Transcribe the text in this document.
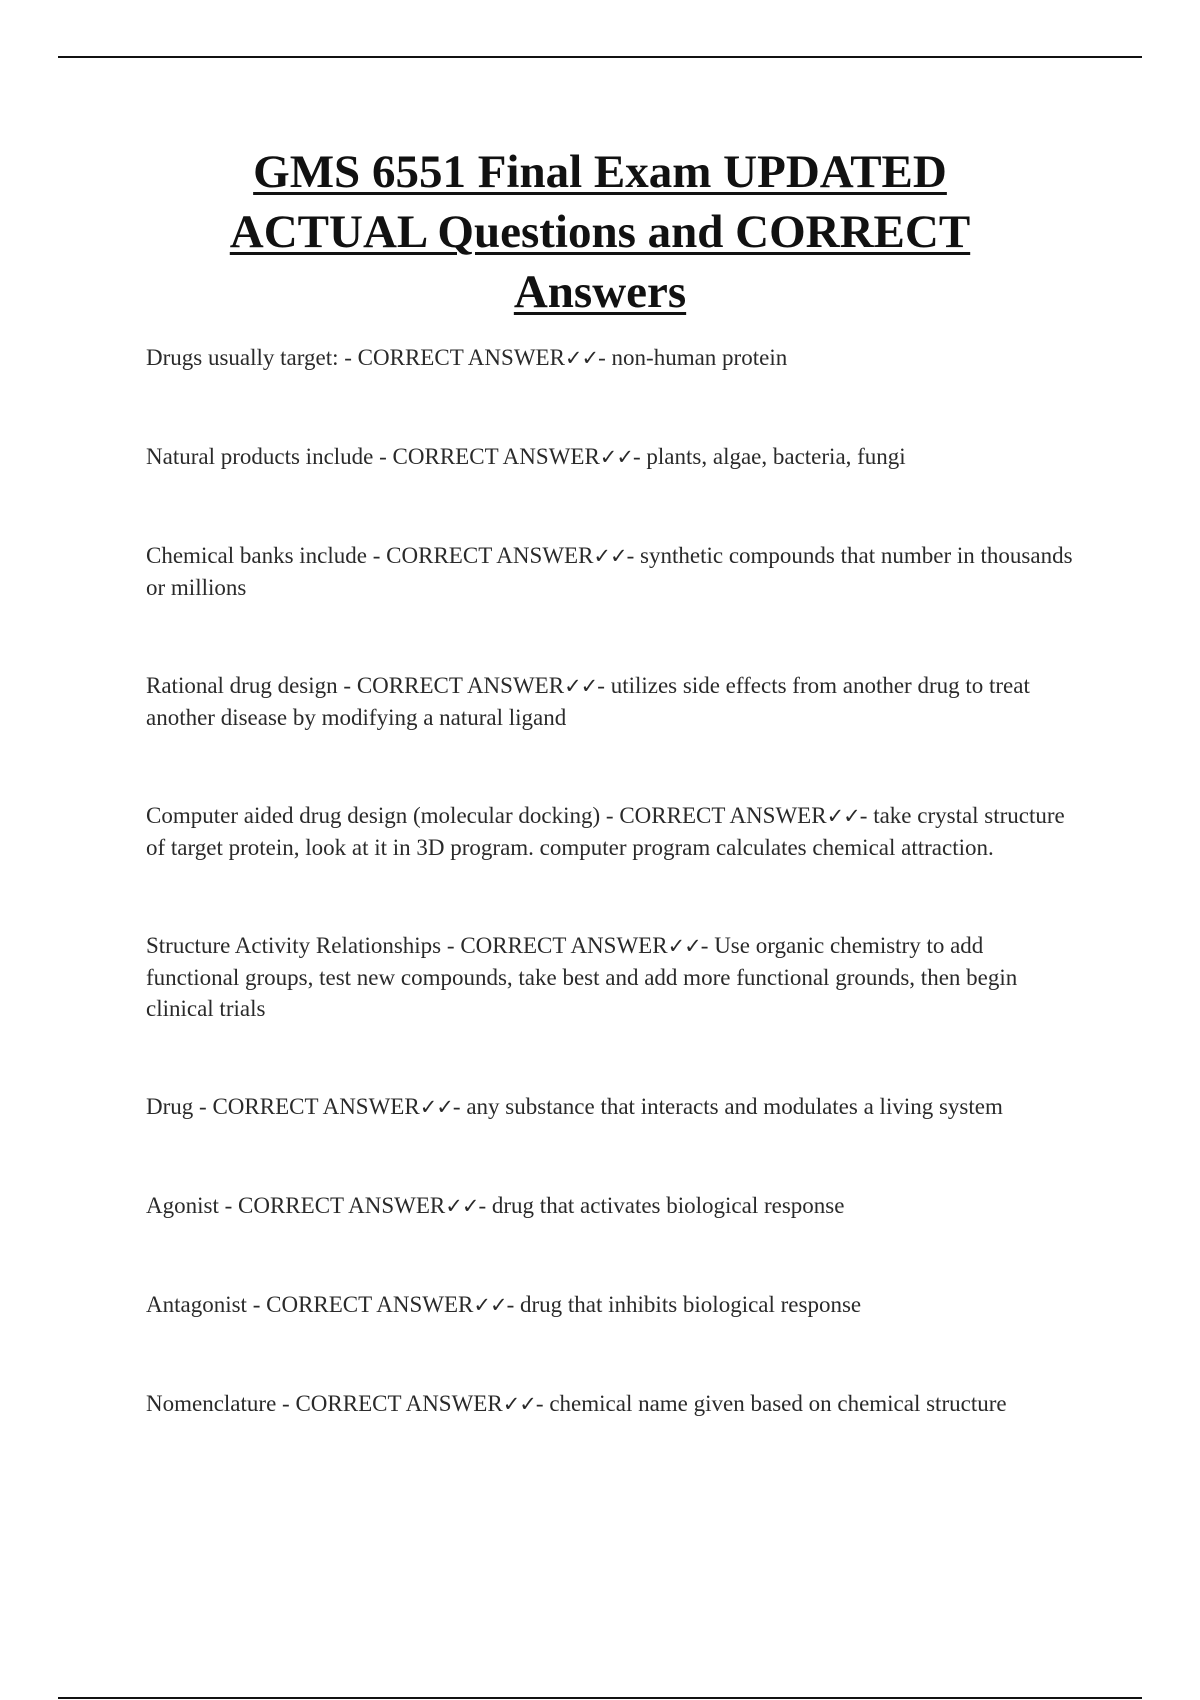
GMS 6551 Final Exam UPDATED
ACTUAL Questions and CORRECT
Answers
Drugs usually target: - CORRECT ANSWER✓✓- non-human protein
Natural products include - CORRECT ANSWER✓✓- plants, algae, bacteria, fungi
Chemical banks include - CORRECT ANSWER✓✓- synthetic compounds that number in thousands or millions
Rational drug design - CORRECT ANSWER✓✓- utilizes side effects from another drug to treat another disease by modifying a natural ligand
Computer aided drug design (molecular docking) - CORRECT ANSWER✓✓- take crystal structure of target protein, look at it in 3D program. computer program calculates chemical attraction.
Structure Activity Relationships - CORRECT ANSWER✓✓- Use organic chemistry to add functional groups, test new compounds, take best and add more functional grounds, then begin clinical trials
Drug - CORRECT ANSWER✓✓- any substance that interacts and modulates a living system
Agonist - CORRECT ANSWER✓✓- drug that activates biological response
Antagonist - CORRECT ANSWER✓✓- drug that inhibits biological response
Nomenclature - CORRECT ANSWER✓✓- chemical name given based on chemical structure
